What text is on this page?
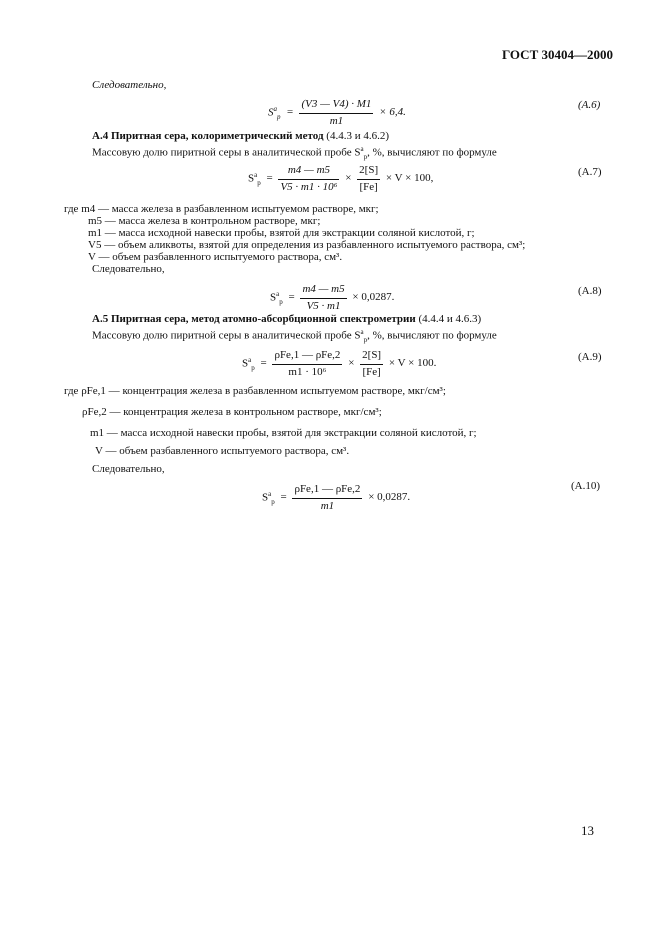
ГОСТ 30404—2000
Следовательно,
$S^a_p = \frac{(V3 — V4) \cdot M1}{m1} \times 6,4$.
(A.6)
А.4 Пиритная сера, колориметрический метод (4.4.3 и 4.6.2)
Массовую долю пиритной серы в аналитической пробе $S^a_p$, %, вычисляют по формуле
$S^a_p = \frac{m4 — m5}{\text{V5 · m1 · 10⁶}} \times \frac{2[S]}{[Fe]} \times V \times 100$,
(A.7)
где m4 — масса железа в разбавленном испытуемом растворе, мкг;
m5 — масса железа в контрольном растворе, мкг;
m1 — масса исходной навески пробы, взятой для экстракции соляной кислотой, г;
V5 — объем аликвоты, взятой для определения из разбавленного испытуемого раствора, см³;
V — объем разбавленного испытуемого раствора, см³.
Следовательно,
$S^a_p = \frac{m4 — m5}{V5 \cdot m1} \times 0,0287$.
(A.8)
А.5 Пиритная сера, метод атомно-абсорбционной спектрометрии (4.4.4 и 4.6.3)
Массовую долю пиритной серы в аналитической пробе $S^a_p$, %, вычисляют по формуле
$S^a_p = \frac{\text{ρFe,1 — ρFe,2}}{\text{m1 · 10⁶}} \times \frac{2[S]}{[Fe]} \times V \times 100$.
(A.9)
где ρFe,1 — концентрация железа в разбавленном испытуемом растворе, мкг/см³;
ρFe,2 — концентрация железа в контрольном растворе, мкг/см³;
m1 — масса исходной навески пробы, взятой для экстракции соляной кислотой, г;
V — объем разбавленного испытуемого раствора, см³.
Следовательно,
$S^a_p = \frac{\text{ρFe,1 — ρFe,2}}{m1} \times 0,0287$.
(A.10)
13
